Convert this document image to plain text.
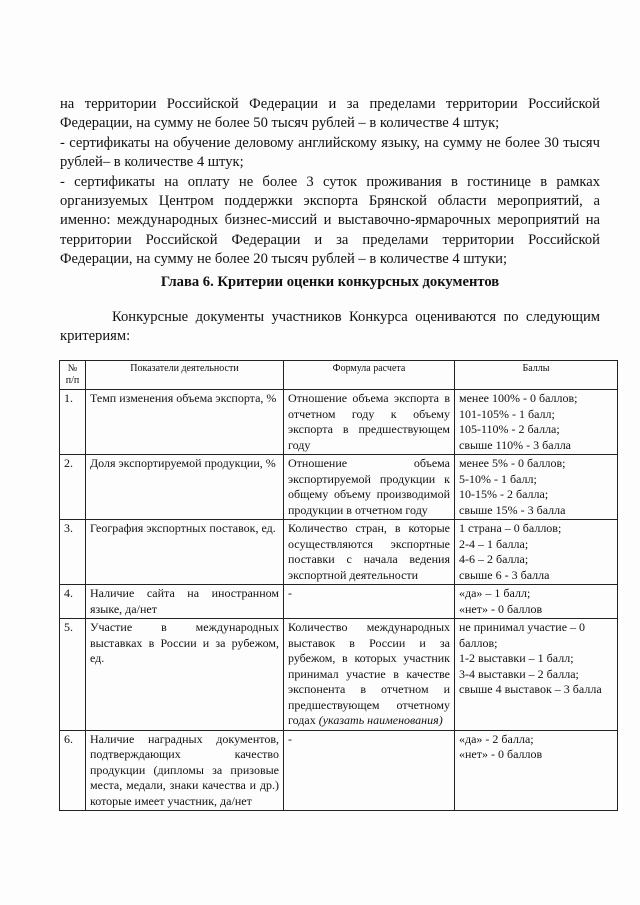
на территории Российской Федерации и за пределами территории Российской Федерации, на сумму не более 50 тысяч рублей – в количестве 4 штук;

- сертификаты на обучение деловому английскому языку, на сумму не более 30 тысяч рублей– в количестве 4 штук;

- сертификаты на оплату не более 3 суток проживания в гостинице в рамках организуемых Центром поддержки экспорта Брянской области мероприятий, а именно: международных бизнес-миссий и выставочно-ярмарочных мероприятий на территории Российской Федерации и за пределами территории Российской Федерации, на сумму не более 20 тысяч рублей – в количестве 4 штуки;

Глава 6. Критерии оценки конкурсных документов

Конкурсные документы участников Конкурса оцениваются по следующим критериям:

№
п/п	Показатели деятельности	Формула расчета	Баллы
1.	Темп изменения объема экспорта, %	Отношение объема экспорта в отчетном году к объему экспорта в предшествующем году	менее 100% - 0 баллов;
101-105% - 1 балл;
105-110% - 2 балла;
свыше 110% - 3 балла

2.	Доля экспортируемой продукции, %	Отношение объема экспортируемой продукции к общему объему производимой продукции в отчетном году	менее 5% - 0 баллов;
5-10% - 1 балл;
10-15% - 2 балла;
свыше 15% - 3 балла

3.	География экспортных поставок, ед.	Количество стран, в которые осуществляются экспортные поставки с начала ведения экспортной деятельности	1 страна – 0 баллов;
2-4 – 1 балла;
4-6 – 2 балла;
свыше 6 - 3 балла

4.	Наличие сайта на иностранном языке, да/нет	-	«да» – 1 балл;
«нет» - 0 баллов

5.	Участие в международных выставках в России и за рубежом, ед.	Количество международных выставок в России и за рубежом, в которых участник принимал участие в качестве экспонента в отчетном и предшествующем отчетному годах (указать наименования)	не принимал участие – 0 баллов;
1-2 выставки – 1 балл;
3-4 выставки – 2 балла;
свыше 4 выставок – 3 балла

6.	Наличие наградных документов, подтверждающих качество продукции (дипломы за призовые места, медали, знаки качества и др.) которые имеет участник, да/нет	-	«да» - 2 балла;
«нет» - 0 баллов
